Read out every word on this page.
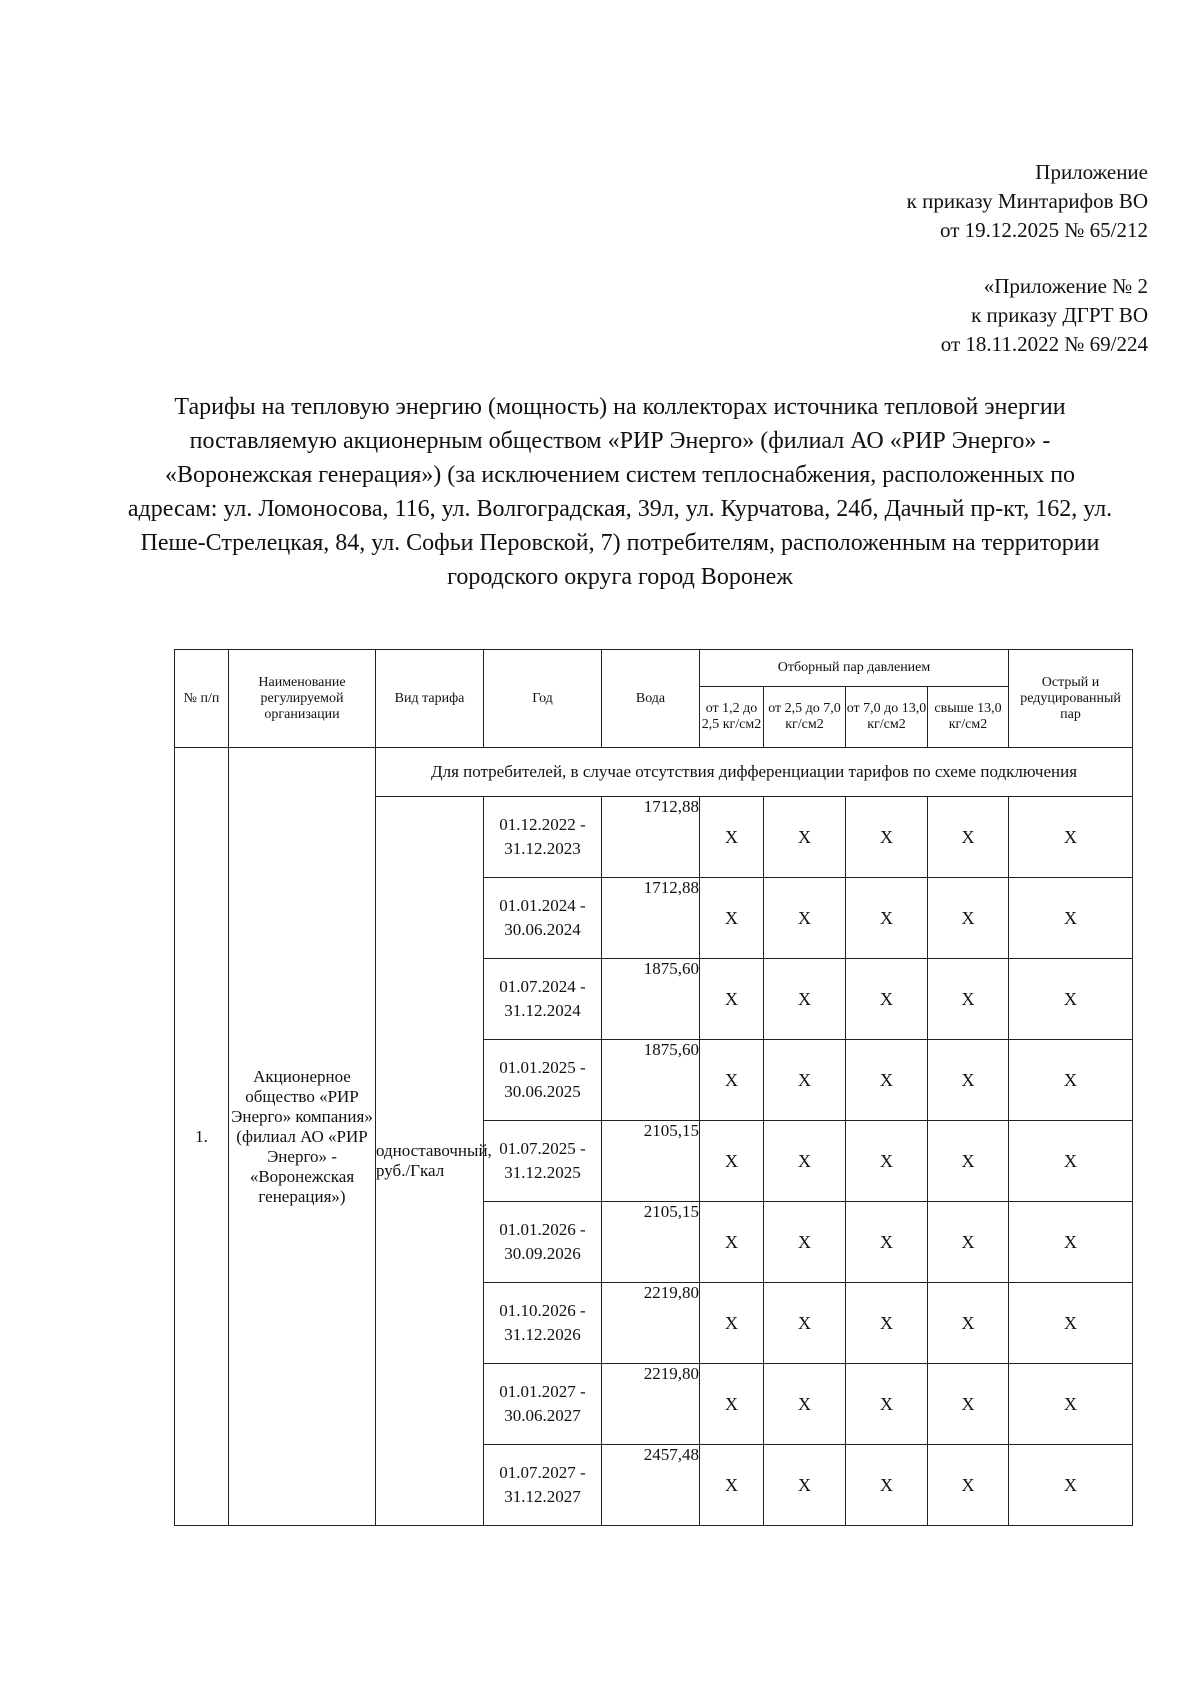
Приложение
к приказу Минтарифов ВО
от 19.12.2025 № 65/212
«Приложение № 2
к приказу ДГРТ ВО
от 18.11.2022 № 69/224
Тарифы на тепловую энергию (мощность) на коллекторах источника тепловой энергии поставляемую акционерным обществом «РИР Энерго» (филиал АО «РИР Энерго» - «Воронежская генерация») (за исключением систем теплоснабжения, расположенных по адресам: ул. Ломоносова, 116, ул. Волгоградская, 39л, ул. Курчатова, 24б, Дачный пр-кт, 162, ул. Пеше-Стрелецкая, 84, ул. Софьи Перовской, 7) потребителям, расположенным на территории городского округа город Воронеж
№ п/п	Наименование регулируемой организации	Вид тарифа	Год	Вода	Отборный пар давлением				Острый и редуцированный пар
					от 1,2 до 2,5 кг/см2	от 2,5 до 7,0 кг/см2	от 7,0 до 13,0 кг/см2	свыше 13,0 кг/см2	
1.	Акционерное общество «РИР Энерго» компания» (филиал АО «РИР Энерго» - «Воронежская генерация»)	Для потребителей, в случае отсутствия дифференциации тарифов по схеме подключения							
		одноставочный, руб./Гкал	01.12.2022 - 31.12.2023	1712,88	X	X	X	X	X
			01.01.2024 - 30.06.2024	1712,88	X	X	X	X	X
			01.07.2024 - 31.12.2024	1875,60	X	X	X	X	X
			01.01.2025 - 30.06.2025	1875,60	X	X	X	X	X
			01.07.2025 - 31.12.2025	2105,15	X	X	X	X	X
			01.01.2026 - 30.09.2026	2105,15	X	X	X	X	X
			01.10.2026 - 31.12.2026	2219,80	X	X	X	X	X
			01.01.2027 - 30.06.2027	2219,80	X	X	X	X	X
			01.07.2027 - 31.12.2027	2457,48	X	X	X	X	X
